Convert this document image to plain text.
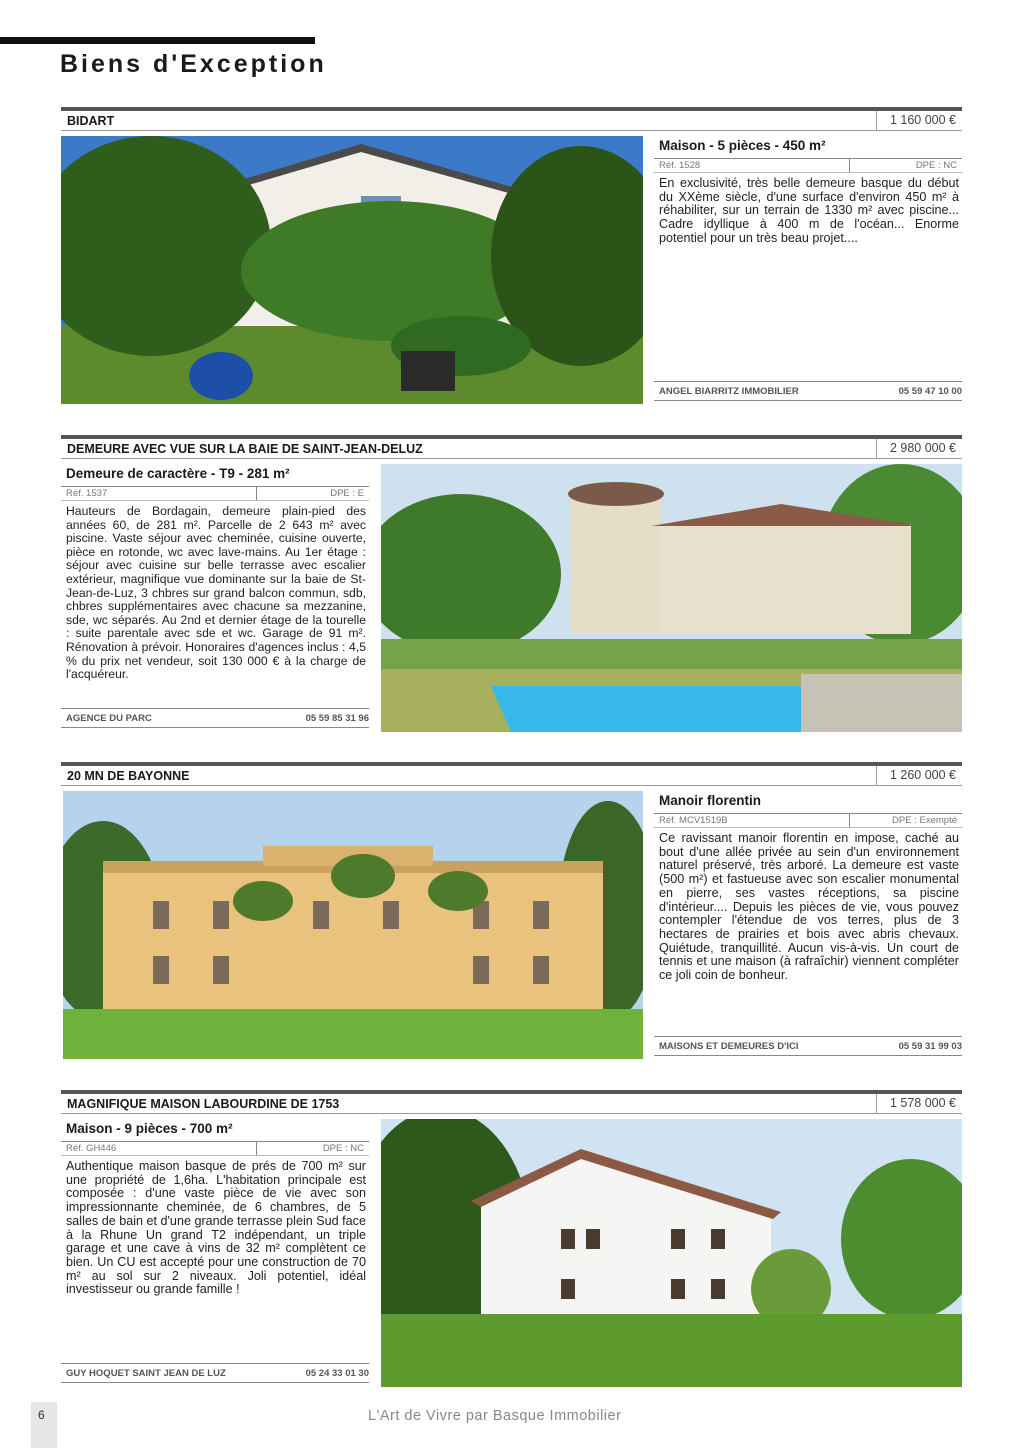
Biens d'Exception
BIDART	1 160 000 €
Maison - 5 pièces - 450 m²
Réf. 1528	DPE : NC
En exclusivité, très belle demeure basque du début du XXème siècle, d'une surface d'environ 450 m² à réhabiliter, sur un terrain de 1330 m² avec piscine... Cadre idyllique à 400 m de l'océan... Enorme potentiel pour un très beau projet....
ANGEL BIARRITZ IMMOBILIER	05 59 47 10 00
DEMEURE AVEC VUE SUR LA BAIE DE SAINT-JEAN-DELUZ	2 980 000 €
Demeure de caractère - T9 - 281 m²
Réf. 1537	DPE : E
Hauteurs de Bordagain, demeure plain-pied des années 60, de 281 m². Parcelle de 2 643 m² avec piscine. Vaste séjour avec cheminée, cuisine ouverte, pièce en rotonde, wc avec lave-mains. Au 1er étage : séjour avec cuisine sur belle terrasse avec escalier extérieur, magnifique vue dominante sur la baie de St-Jean-de-Luz, 3 chbres sur grand balcon commun, sdb, chbres supplémentaires avec chacune sa mezzanine, sde, wc séparés. Au 2nd et dernier étage de la tourelle : suite parentale avec sde et wc. Garage de 91 m². Rénovation à prévoir. Honoraires d'agences inclus : 4,5 % du prix net vendeur, soit 130 000 € à la charge de l'acquéreur.
AGENCE DU PARC	05 59 85 31 96
20 MN DE BAYONNE	1 260 000 €
Manoir florentin
Réf. MCV1519B	DPE : Exempté
Ce ravissant manoir florentin en impose, caché au bout d'une allée privée au sein d'un environnement naturel préservé, très arboré. La demeure est vaste (500 m²) et fastueuse avec son escalier monumental en pierre, ses vastes réceptions, sa piscine d'intérieur.... Depuis les pièces de vie, vous pouvez contempler l'étendue de vos terres, plus de 3 hectares de prairies et bois avec abris chevaux. Quiétude, tranquillité. Aucun vis-à-vis. Un court de tennis et une maison (à rafraîchir) viennent compléter ce joli coin de bonheur.
MAISONS ET DEMEURES D'ICI	05 59 31 99 03
MAGNIFIQUE MAISON LABOURDINE DE 1753	1 578 000 €
Maison - 9 pièces - 700 m²
Réf. GH446	DPE : NC
Authentique maison basque de prés de 700 m² sur une propriété de 1,6ha. L'habitation principale est composée : d'une vaste pièce de vie avec son impressionnante cheminée, de 6 chambres, de 5 salles de bain et d'une grande terrasse plein Sud face à la Rhune Un grand T2 indépendant, un triple garage et une cave à vins de 32 m² complètent ce bien. Un CU est accepté pour une construction de 70 m² au sol sur 2 niveaux. Joli potentiel, idéal investisseur ou grande famille !
GUY HOQUET SAINT JEAN DE LUZ	05 24 33 01 30
6	L'Art de Vivre par Basque Immobilier
